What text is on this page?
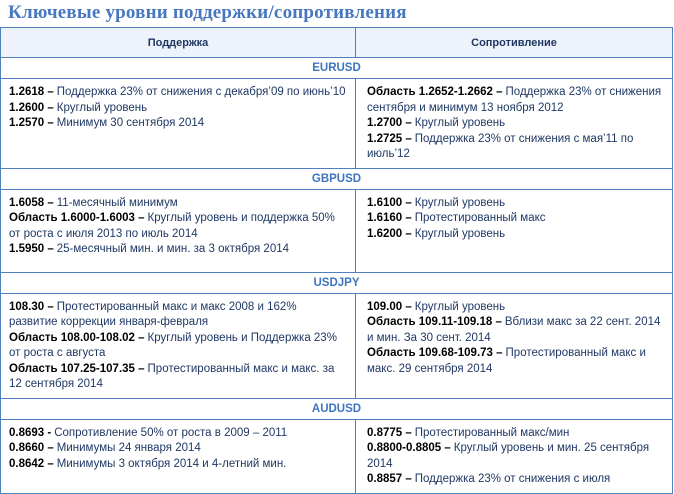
Ключевые уровни поддержки/сопротивления
Поддержка	Сопротивление
EURUSD
1.2618 – Поддержка 23% от снижения с декабря’09 по июнь’10
1.2600 – Круглый уровень
1.2570 – Минимум 30 сентября 2014
Область 1.2652-1.2662 – Поддержка 23% от снижения сентября и минимум 13 ноября 2012
1.2700 – Круглый уровень
1.2725 – Поддержка 23% от снижения с мая’11 по июль’12
GBPUSD
1.6058 – 11-месячный минимум
Область 1.6000-1.6003 – Круглый уровень и поддержка 50% от роста с июля 2013 по июль 2014
1.5950 – 25-месячный мин. и мин. за 3 октября 2014
1.6100 – Круглый уровень
1.6160 – Протестированный макс
1.6200 – Круглый уровень
USDJPY
108.30 – Протестированный макс и макс 2008 и 162% развитие коррекции января-февраля
Область 108.00-108.02 – Круглый уровень и Поддержка 23% от роста с августа
Область 107.25-107.35 – Протестированный макс и макс. за 12 сентября 2014
109.00 – Круглый уровень
Область 109.11-109.18 – Вблизи макс за 22 сент. 2014 и мин. За 30 сент. 2014
Область 109.68-109.73 – Протестированный макс и макс. 29 сентября 2014
AUDUSD
0.8693 - Сопротивление 50% от роста в 2009 – 2011
0.8660 – Минимумы 24 января 2014
0.8642 – Минимумы 3 октября 2014 и 4-летний мин.
0.8775 – Протестированный макс/мин
0.8800-0.8805 – Круглый уровень и мин. 25 сентября 2014
0.8857 – Поддержка 23% от снижения с июля
